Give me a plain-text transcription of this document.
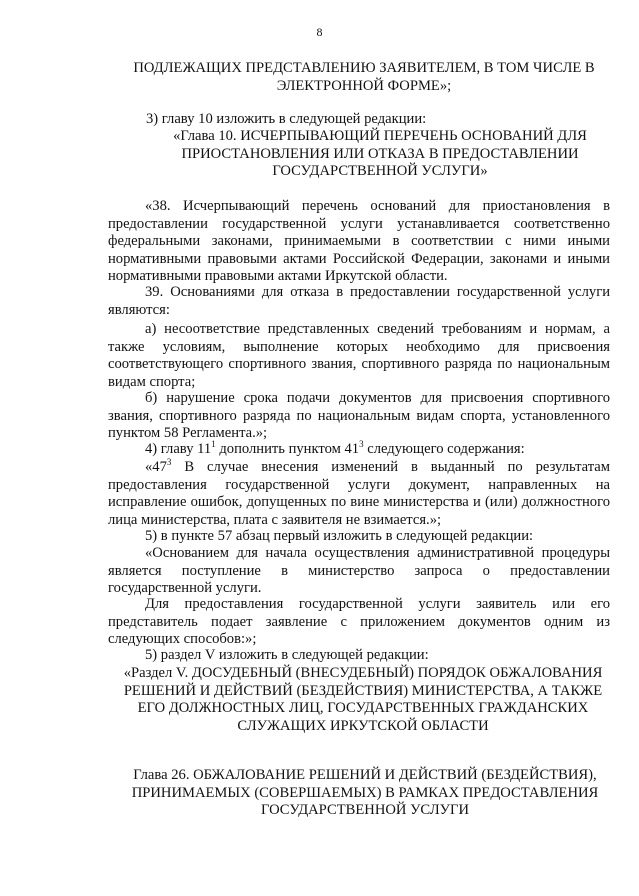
8

ПОДЛЕЖАЩИХ ПРЕДСТАВЛЕНИЮ ЗАЯВИТЕЛЕМ, В ТОМ ЧИСЛЕ В ЭЛЕКТРОННОЙ ФОРМЕ»;

3) главу 10 изложить в следующей редакции:

«Глава 10. ИСЧЕРПЫВАЮЩИЙ ПЕРЕЧЕНЬ ОСНОВАНИЙ ДЛЯ ПРИОСТАНОВЛЕНИЯ ИЛИ ОТКАЗА В ПРЕДОСТАВЛЕНИИ ГОСУДАРСТВЕННОЙ УСЛУГИ»

«38. Исчерпывающий перечень оснований для приостановления в предоставлении государственной услуги устанавливается соответственно федеральными законами, принимаемыми в соответствии с ними иными нормативными правовыми актами Российской Федерации, законами и иными нормативными правовыми актами Иркутской области.

39. Основаниями для отказа в предоставлении государственной услуги являются:

а) несоответствие представленных сведений требованиям и нормам, а также условиям, выполнение которых необходимо для присвоения соответствующего спортивного звания, спортивного разряда по национальным видам спорта;

б) нарушение срока подачи документов для присвоения спортивного звания, спортивного разряда по национальным видам спорта, установленного пунктом 58 Регламента.»;

4) главу $11^1$ дополнить пунктом $41^3$ следующего содержания:

«$47^3$ В случае внесения изменений в выданный по результатам предоставления государственной услуги документ, направленных на исправление ошибок, допущенных по вине министерства и (или) должностного лица министерства, плата с заявителя не взимается.»;

5) в пункте 57 абзац первый изложить в следующей редакции:

«Основанием для начала осуществления административной процедуры является поступление в министерство запроса о предоставлении государственной услуги.

Для предоставления государственной услуги заявитель или его представитель подает заявление с приложением документов одним из следующих способов:»;

5) раздел V изложить в следующей редакции:

«Раздел V. ДОСУДЕБНЫЙ (ВНЕСУДЕБНЫЙ) ПОРЯДОК ОБЖАЛОВАНИЯ РЕШЕНИЙ И ДЕЙСТВИЙ (БЕЗДЕЙСТВИЯ) МИНИСТЕРСТВА, А ТАКЖЕ ЕГО ДОЛЖНОСТНЫХ ЛИЦ, ГОСУДАРСТВЕННЫХ ГРАЖДАНСКИХ СЛУЖАЩИХ ИРКУТСКОЙ ОБЛАСТИ

Глава 26. ОБЖАЛОВАНИЕ РЕШЕНИЙ И ДЕЙСТВИЙ (БЕЗДЕЙСТВИЯ), ПРИНИМАЕМЫХ (СОВЕРШАЕМЫХ) В РАМКАХ ПРЕДОСТАВЛЕНИЯ ГОСУДАРСТВЕННОЙ УСЛУГИ
